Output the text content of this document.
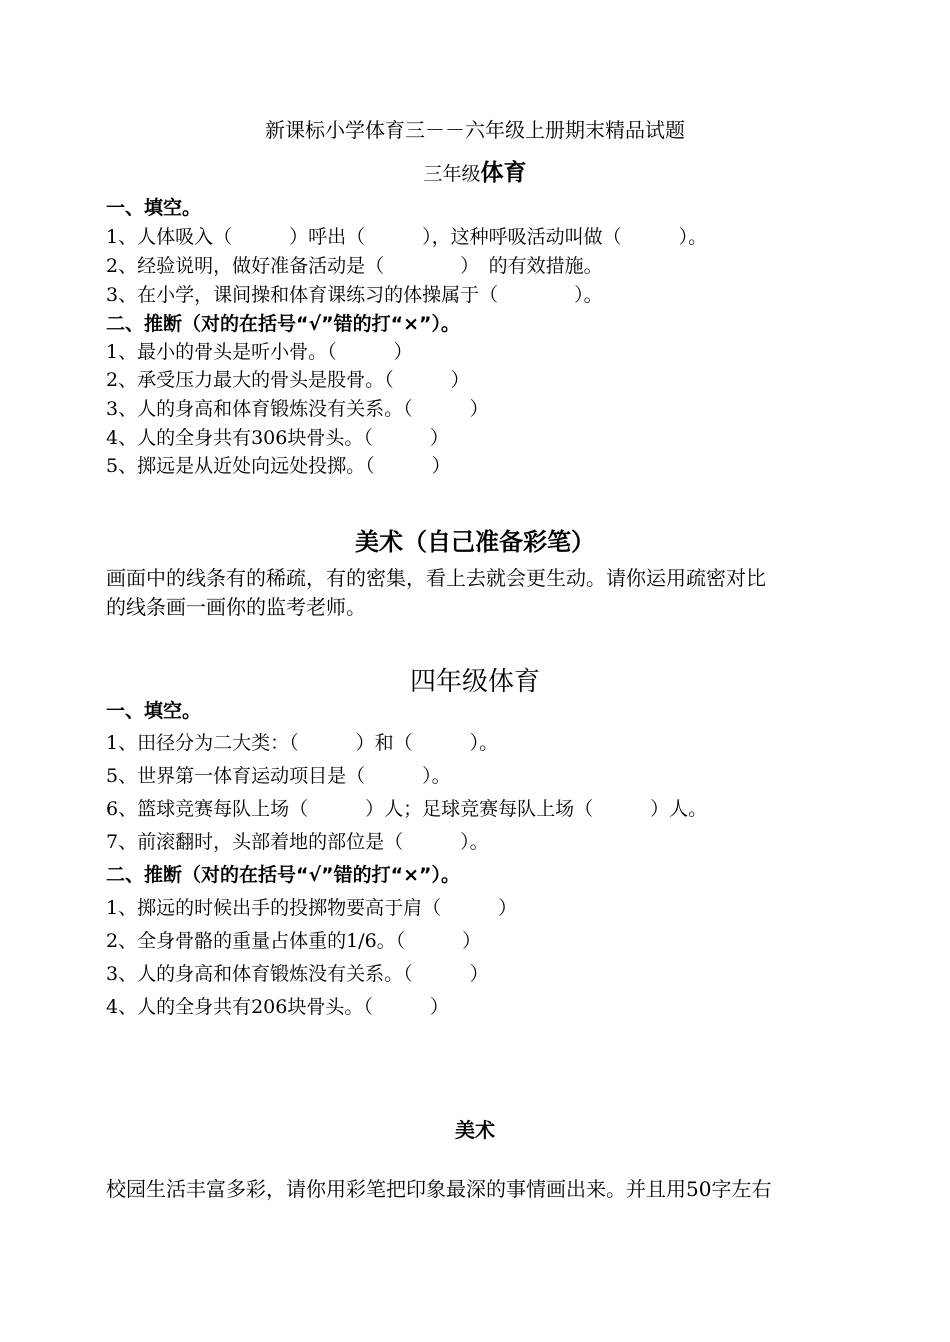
新课标小学体育三－－六年级上册期末精品试题
三年级体育
一、填空。
1、人体吸入（　　　）呼出（　　　），这种呼吸活动叫做（　　　）。
2、经验说明，做好准备活动是（　　　　）　的有效措施。
3、在小学，课间操和体育课练习的体操属于（　　　　）。
二、推断（对的在括号“√”错的打“×”）。
1、最小的骨头是听小骨。（　　　）
2、承受压力最大的骨头是股骨。（　　　）
3、人的身高和体育锻炼没有关系。（　　　）
4、人的全身共有306块骨头。（　　　）
5、掷远是从近处向远处投掷。（　　　）
美术（自己准备彩笔）
画面中的线条有的稀疏，有的密集，看上去就会更生动。请你运用疏密对比
的线条画一画你的监考老师。
四年级体育
一、填空。
1、田径分为二大类：（　　　）和（　　　）。
5、世界第一体育运动项目是（　　　）。
6、篮球竞赛每队上场（　　　）人；足球竞赛每队上场（　　　）人。
7、前滚翻时，头部着地的部位是（　　　）。
二、推断（对的在括号“√”错的打“×”）。
1、掷远的时候出手的投掷物要高于肩（　　　）
2、全身骨骼的重量占体重的1/6。（　　　）
3、人的身高和体育锻炼没有关系。（　　　）
4、人的全身共有206块骨头。（　　　）
美术
校园生活丰富多彩，请你用彩笔把印象最深的事情画出来。并且用50字左右
